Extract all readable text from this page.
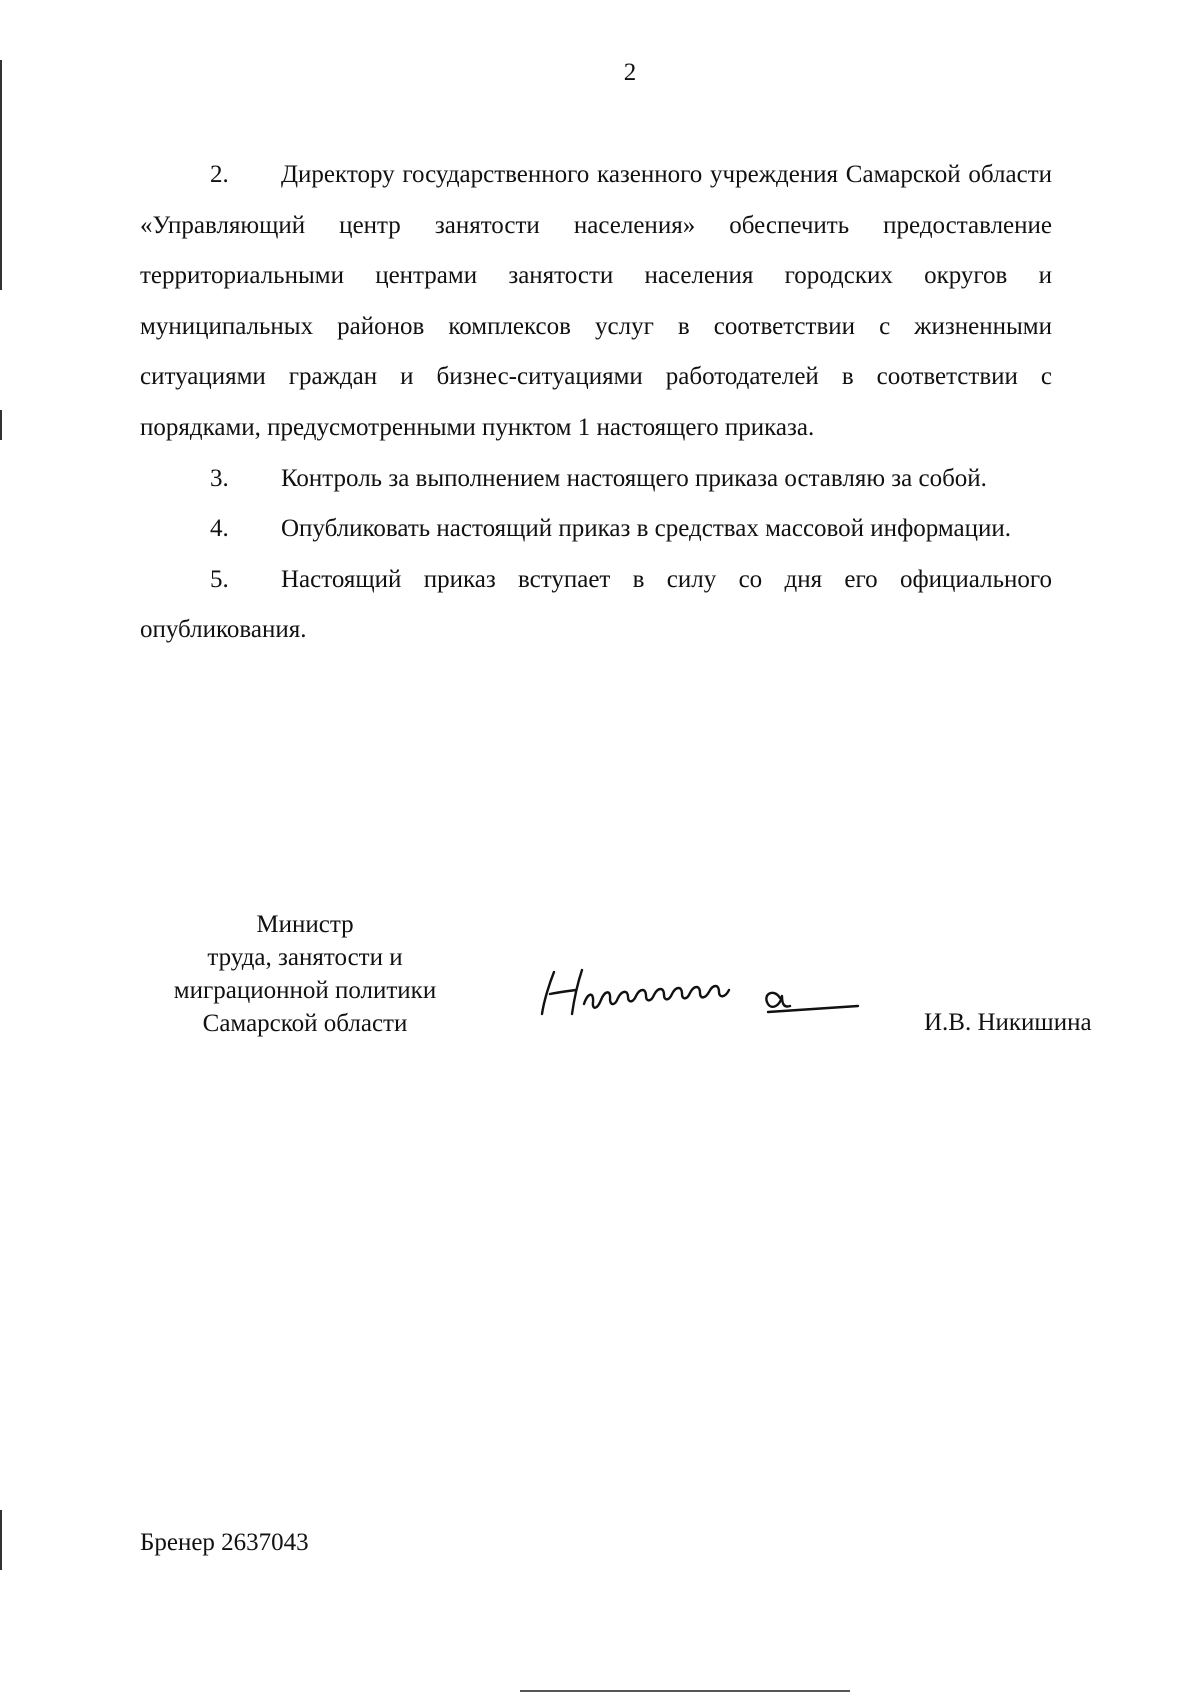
2

2. Директору государственного казенного учреждения Самарской области «Управляющий центр занятости населения» обеспечить предоставление территориальными центрами занятости населения городских округов и муниципальных районов комплексов услуг в соответствии с жизненными ситуациями граждан и бизнес-ситуациями работодателей в соответствии с порядками, предусмотренными пунктом 1 настоящего приказа.

3. Контроль за выполнением настоящего приказа оставляю за собой.

4. Опубликовать настоящий приказ в средствах массовой информации.

5. Настоящий приказ вступает в силу со дня его официального опубликования.

Министр
труда, занятости и
миграционной политики
Самарской области	И.В. Никишина
Бренер 2637043
